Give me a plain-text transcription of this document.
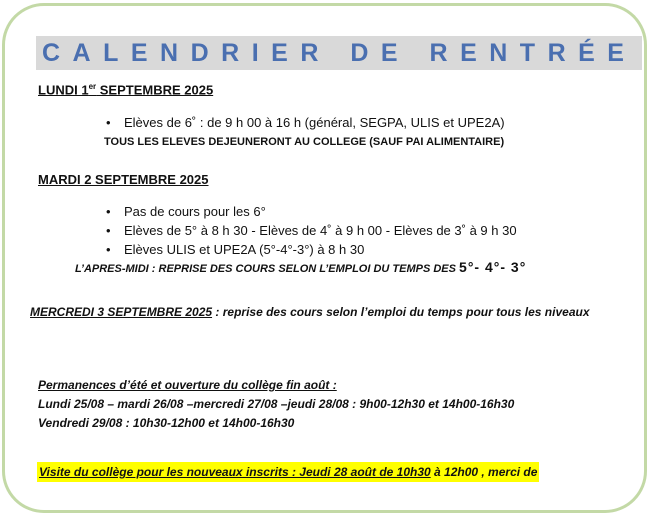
CALENDRIER DE RENTRÉE
LUNDI 1er SEPTEMBRE 2025
• Elèves de 6˚ : de 9 h 00 à 16 h (général, SEGPA, ULIS et UPE2A)
TOUS LES ELEVES DEJEUNERONT AU COLLEGE (SAUF PAI ALIMENTAIRE)
MARDI 2 SEPTEMBRE 2025
• Pas de cours pour les 6°
• Elèves de 5° à 8 h 30 - Elèves de 4˚ à 9 h 00 - Elèves de 3˚ à 9 h 30
• Elèves ULIS et UPE2A (5°-4°-3°) à 8 h 30
L’APRES-MIDI : REPRISE DES COURS SELON L’EMPLOI DU TEMPS DES 5°- 4°- 3°
MERCREDI 3 SEPTEMBRE 2025 : reprise des cours selon l’emploi du temps pour tous les niveaux
Permanences d’été et ouverture du collège fin août :
Lundi 25/08 – mardi 26/08 –mercredi 27/08 –jeudi 28/08 : 9h00-12h30 et 14h00-16h30
Vendredi 29/08 : 10h30-12h00 et 14h00-16h30
Visite du collège pour les nouveaux inscrits : Jeudi 28 août de 10h30 à 12h00 , merci de
